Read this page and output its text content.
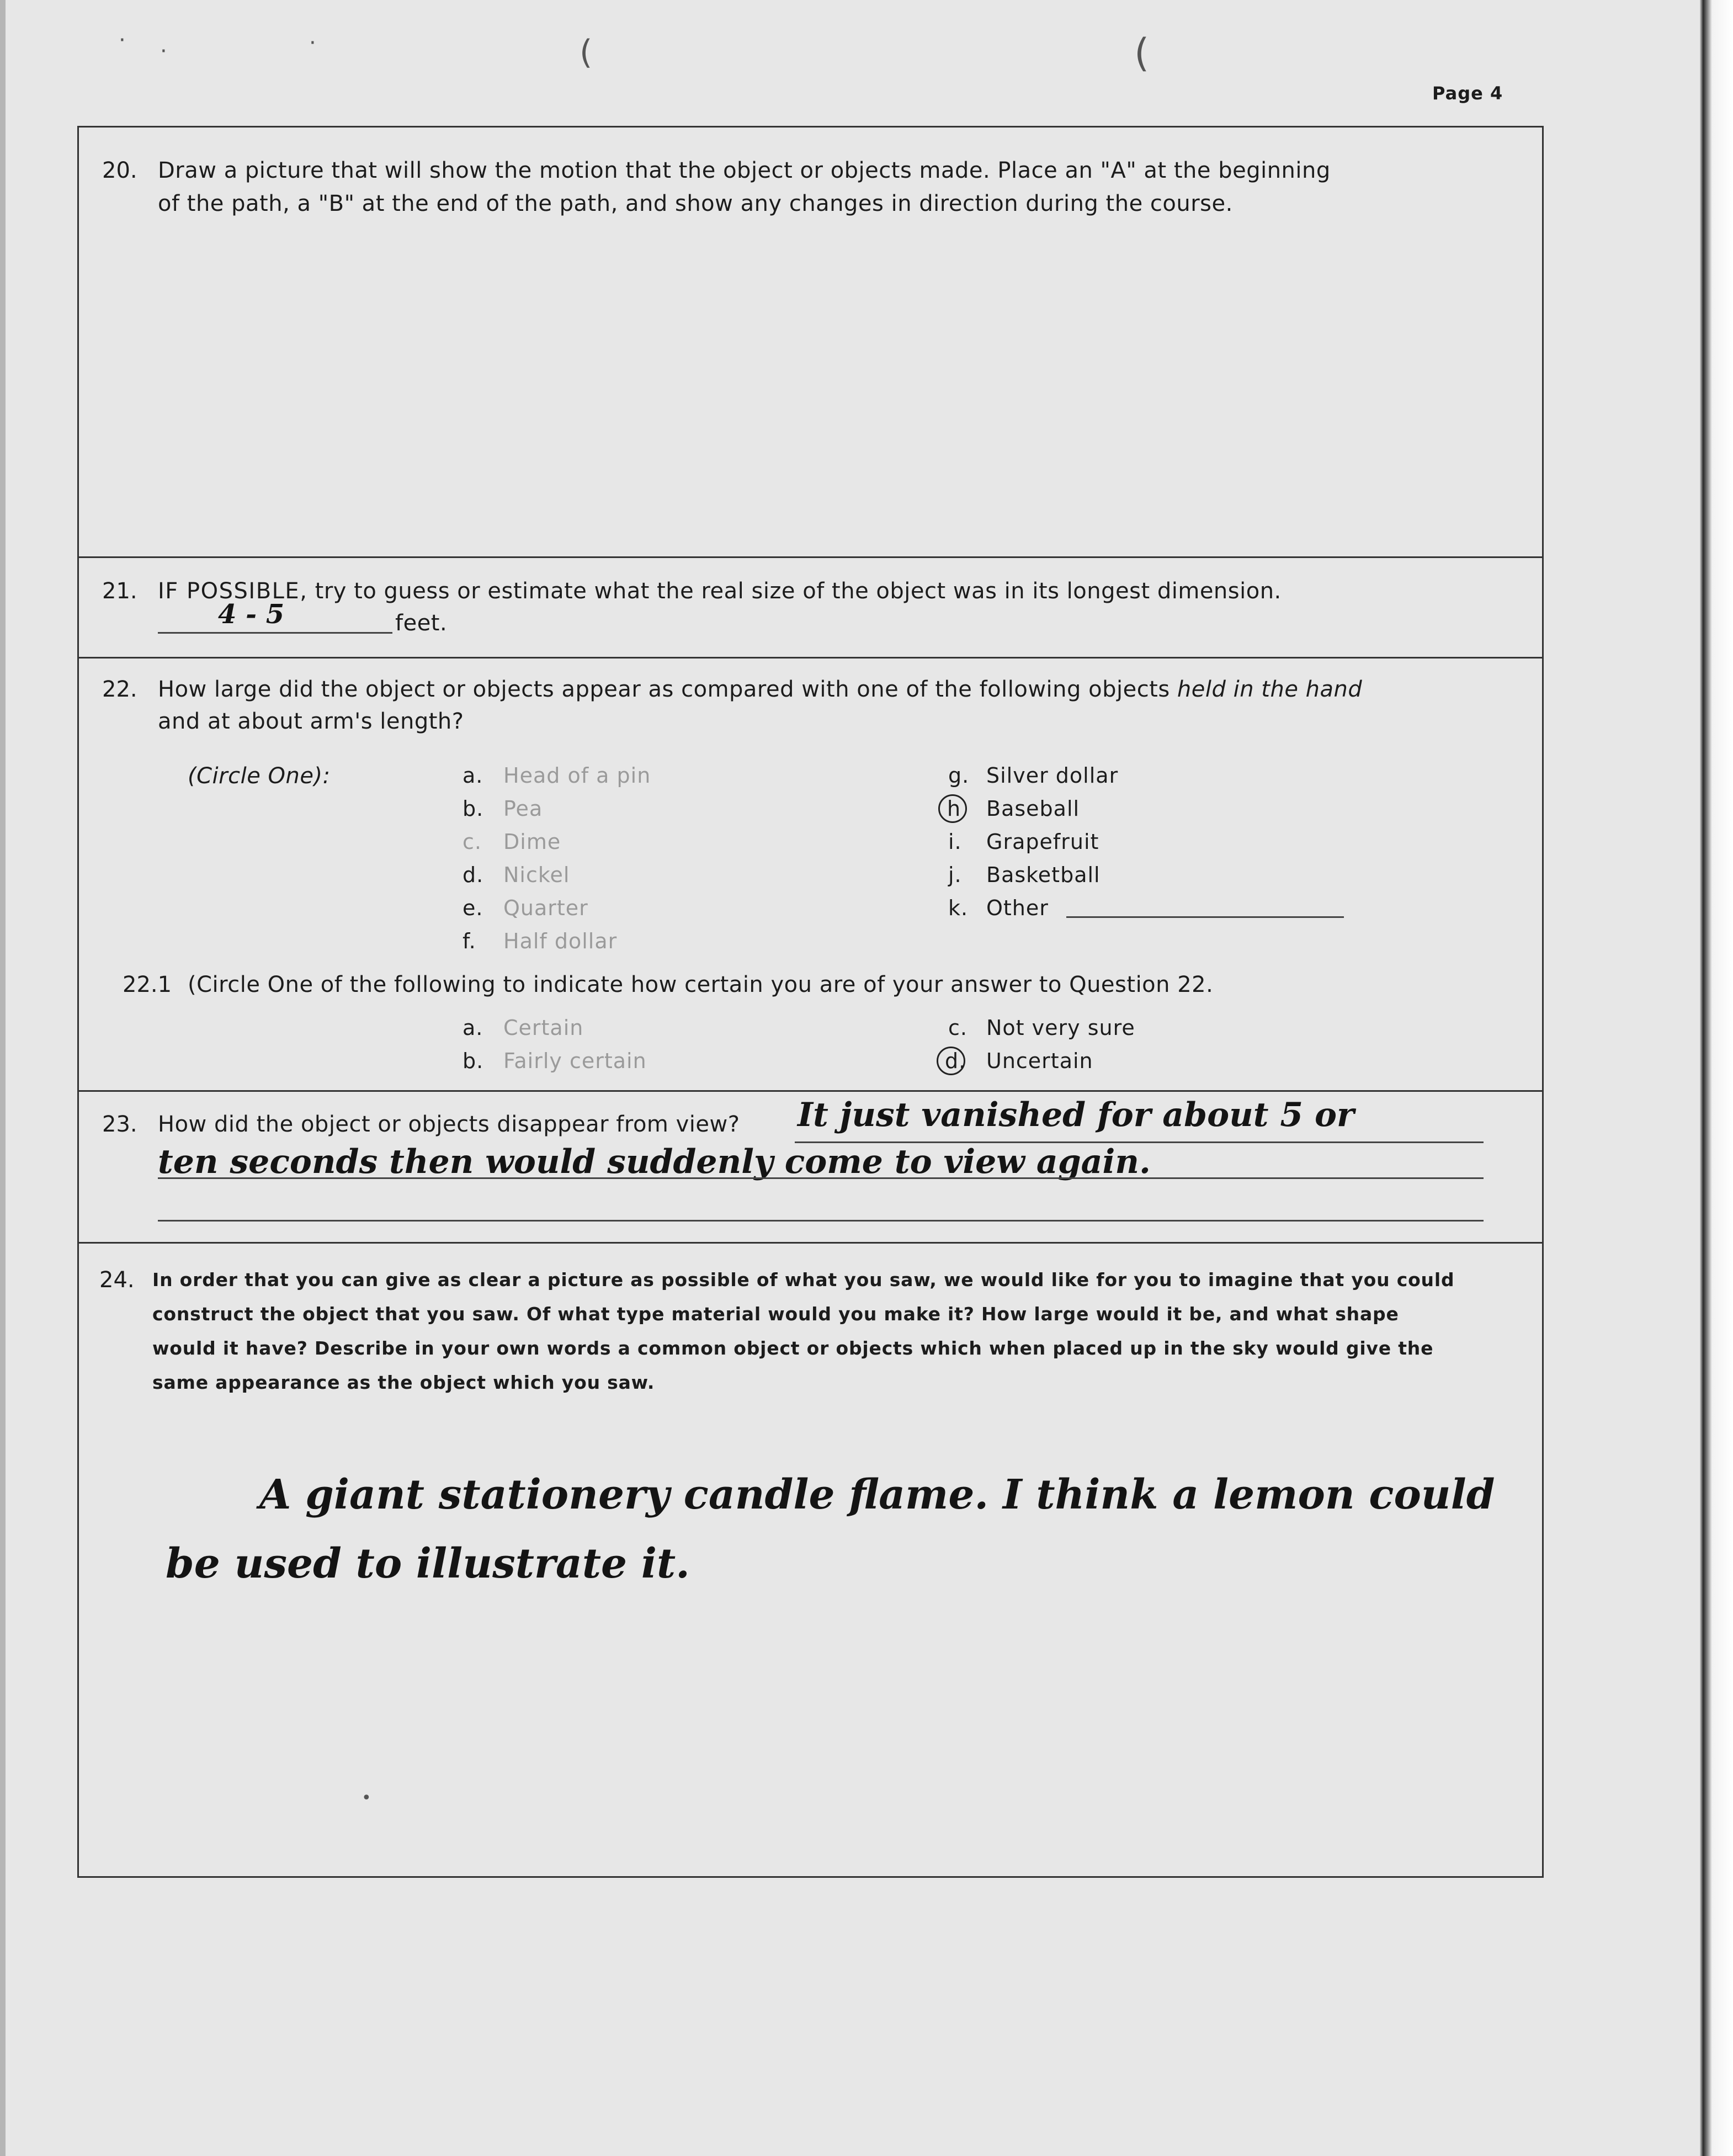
· ·	·	(	(
Page 4
20. Draw a picture that will show the motion that the object or objects made. Place an "A" at the beginning
of the path, a "B" at the end of the path, and show any changes in direction during the course.
21. IF POSSIBLE, try to guess or estimate what the real size of the object was in its longest dimension.
4 - 5	feet.
22. How large did the object or objects appear as compared with one of the following objects held in the hand
and at about arm's length?
(Circle One):	a. Head of a pin
b. Pea
c. Dime
d. Nickel
e. Quarter
f. Half dollar
g. Silver dollar
h Baseball
i. Grapefruit
j. Basketball
k. Other
22.1 (Circle One of the following to indicate how certain you are of your answer to Question 22.
a. Certain
b. Fairly certain
c. Not very sure
d. Uncertain
23. How did the object or objects disappear from view? It just vanished for about 5 or
ten seconds then would suddenly come to view again.
24. In order that you can give as clear a picture as possible of what you saw, we would like for you to imagine that you could
construct the object that you saw. Of what type material would you make it? How large would it be, and what shape
would it have? Describe in your own words a common object or objects which when placed up in the sky would give the
same appearance as the object which you saw.
A giant stationery candle flame. I think a lemon could
be used to illustrate it.
•
